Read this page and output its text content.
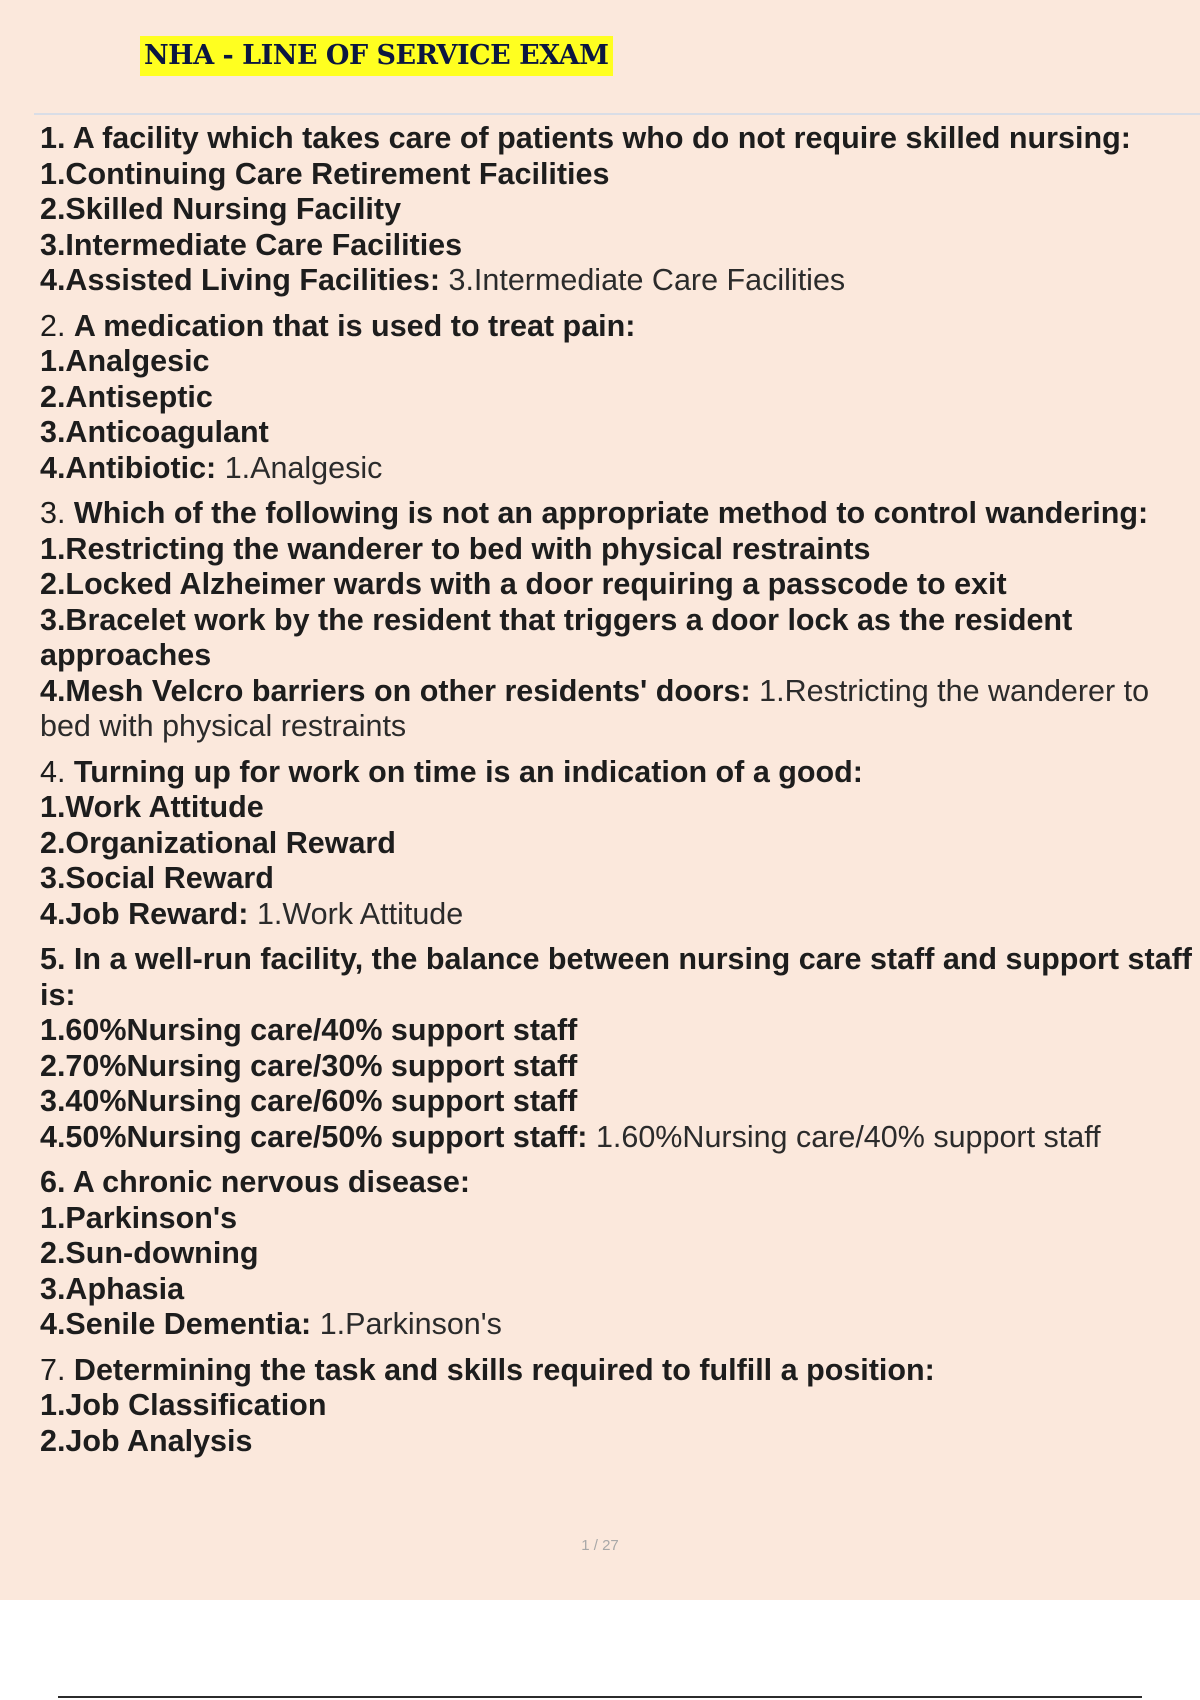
NHA - LINE OF SERVICE EXAM
1. A facility which takes care of patients who do not require skilled nursing:
1.Continuing Care Retirement Facilities
2.Skilled Nursing Facility
3.Intermediate Care Facilities
4.Assisted Living Facilities: 3.Intermediate Care Facilities
2. A medication that is used to treat pain:
1.Analgesic
2.Antiseptic
3.Anticoagulant
4.Antibiotic: 1.Analgesic
3. Which of the following is not an appropriate method to control wandering:
1.Restricting the wanderer to bed with physical restraints
2.Locked Alzheimer wards with a door requiring a passcode to exit
3.Bracelet work by the resident that triggers a door lock as the resident approaches
4.Mesh Velcro barriers on other residents' doors: 1.Restricting the wanderer to bed with physical restraints
4. Turning up for work on time is an indication of a good:
1.Work Attitude
2.Organizational Reward
3.Social Reward
4.Job Reward: 1.Work Attitude
5. In a well-run facility, the balance between nursing care staff and support staff is:
1.60%Nursing care/40% support staff
2.70%Nursing care/30% support staff
3.40%Nursing care/60% support staff
4.50%Nursing care/50% support staff: 1.60%Nursing care/40% support staff
6. A chronic nervous disease:
1.Parkinson's
2.Sun-downing
3.Aphasia
4.Senile Dementia: 1.Parkinson's
7. Determining the task and skills required to fulfill a position:
1.Job Classification
2.Job Analysis
1 / 27
